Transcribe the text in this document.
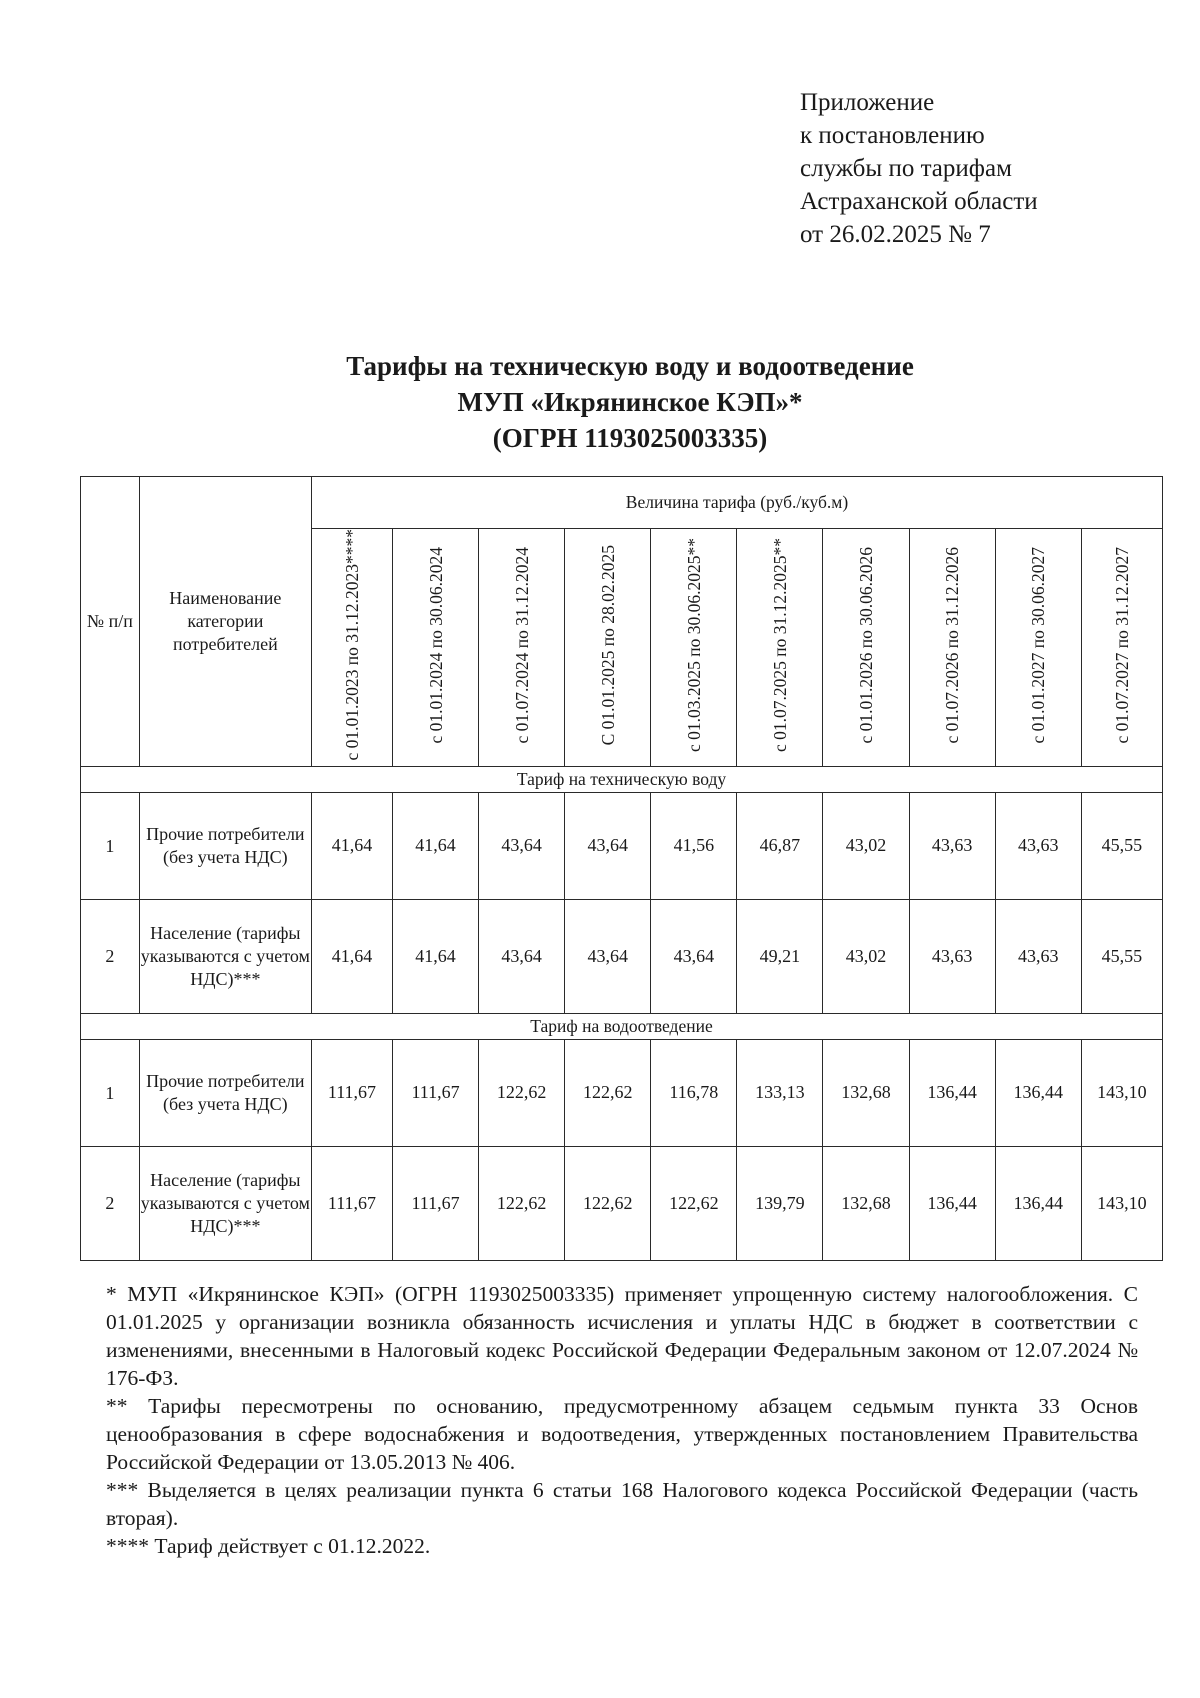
Приложение
к постановлению
службы по тарифам
Астраханской области
от 26.02.2025 № 7
Тарифы на техническую воду и водоотведение
МУП «Икрянинское КЭП»*
(ОГРН 1193025003335)
№ п/п	Наименование категории потребителей	Величина тарифа (руб./куб.м)									
		с 01.01.2023 по 31.12.2023****	с 01.01.2024 по 30.06.2024	с 01.07.2024 по 31.12.2024	С 01.01.2025 по 28.02.2025	с 01.03.2025 по 30.06.2025**	с 01.07.2025 по 31.12.2025**	с 01.01.2026 по 30.06.2026	с 01.07.2026 по 31.12.2026	с 01.01.2027 по 30.06.2027	с 01.07.2027 по 31.12.2027
Тариф на техническую воду											
1	Прочие потребители (без учета НДС)	41,64	41,64	43,64	43,64	41,56	46,87	43,02	43,63	43,63	45,55
2	Население (тарифы указываются с учетом НДС)***	41,64	41,64	43,64	43,64	43,64	49,21	43,02	43,63	43,63	45,55
Тариф на водоотведение											
1	Прочие потребители (без учета НДС)	111,67	111,67	122,62	122,62	116,78	133,13	132,68	136,44	136,44	143,10
2	Население (тарифы указываются с учетом НДС)***	111,67	111,67	122,62	122,62	122,62	139,79	132,68	136,44	136,44	143,10

* МУП «Икрянинское КЭП» (ОГРН 1193025003335) применяет упрощенную систему налогообложения. С 01.01.2025 у организации возникла обязанность исчисления и уплаты НДС в бюджет в соответствии с изменениями, внесенными в Налоговый кодекс Российской Федерации Федеральным законом от 12.07.2024 № 176-ФЗ.

** Тарифы пересмотрены по основанию, предусмотренному абзацем седьмым пункта 33 Основ ценообразования в сфере водоснабжения и водоотведения, утвержденных постановлением Правительства Российской Федерации от 13.05.2013 № 406.

*** Выделяется в целях реализации пункта 6 статьи 168 Налогового кодекса Российской Федерации (часть вторая).

**** Тариф действует с 01.12.2022.
